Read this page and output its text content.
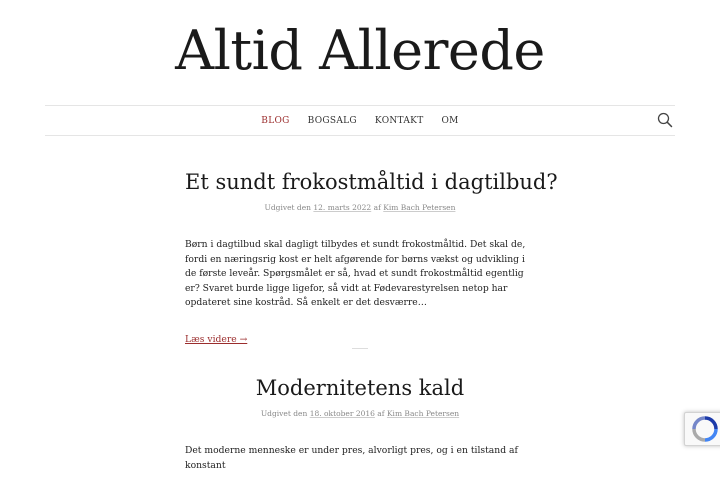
Altid Allerede
BLOG BOGSALG KONTAKT OM
Et sundt frokostmåltid i dagtilbud?
Udgivet den 12. marts 2022 af Kim Bach Petersen

Børn i dagtilbud skal dagligt tilbydes et sundt frokostmåltid. Det skal de, fordi en næringsrig kost er helt afgørende for børns vækst og udvikling i de første leveår. Spørgsmålet er så, hvad et sundt frokostmåltid egentlig er? Svaret burde ligge ligefor, så vidt at Fødevarestyrelsen netop har opdateret sine kostråd. Så enkelt er det desværre…

Læs videre →
Modernitetens kald
Udgivet den 18. oktober 2016 af Kim Bach Petersen

Det moderne menneske er under pres, alvorligt pres, og i en tilstand af konstant
